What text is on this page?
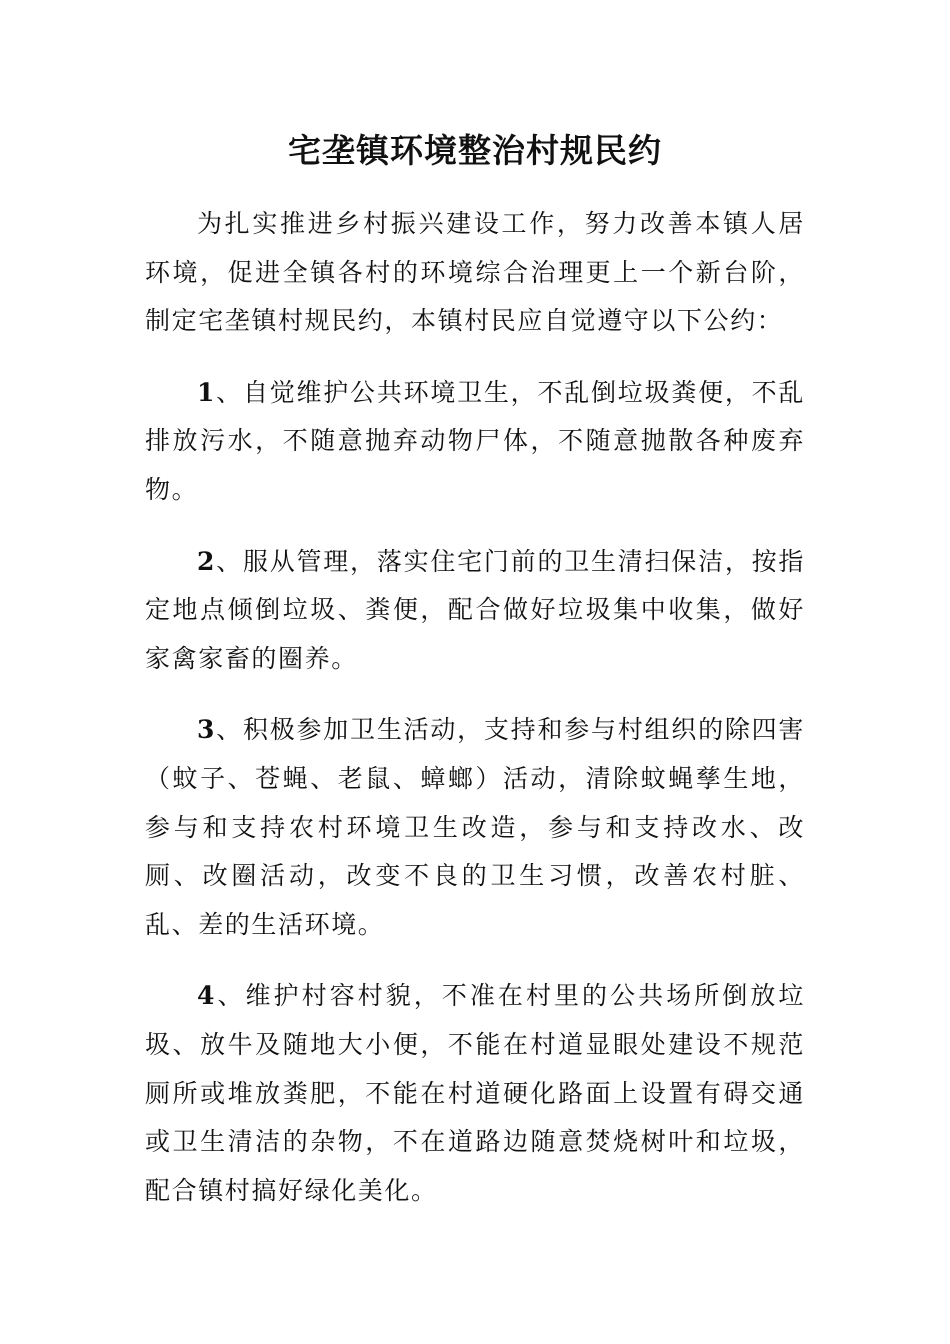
宅垄镇环境整治村规民约

为扎实推进乡村振兴建设工作，努力改善本镇人居环境，促进全镇各村的环境综合治理更上一个新台阶，制定宅垄镇村规民约，本镇村民应自觉遵守以下公约：

1、自觉维护公共环境卫生，不乱倒垃圾粪便，不乱排放污水，不随意抛弃动物尸体，不随意抛散各种废弃物。

2、服从管理，落实住宅门前的卫生清扫保洁，按指定地点倾倒垃圾、粪便，配合做好垃圾集中收集，做好家禽家畜的圈养。

3、积极参加卫生活动，支持和参与村组织的除四害（蚊子、苍蝇、老鼠、蟑螂）活动，清除蚊蝇孳生地，参与和支持农村环境卫生改造，参与和支持改水、改厕、改圈活动，改变不良的卫生习惯，改善农村脏、乱、差的生活环境。

4、维护村容村貌，不准在村里的公共场所倒放垃圾、放牛及随地大小便，不能在村道显眼处建设不规范厕所或堆放粪肥，不能在村道硬化路面上设置有碍交通或卫生清洁的杂物，不在道路边随意焚烧树叶和垃圾，配合镇村搞好绿化美化。
